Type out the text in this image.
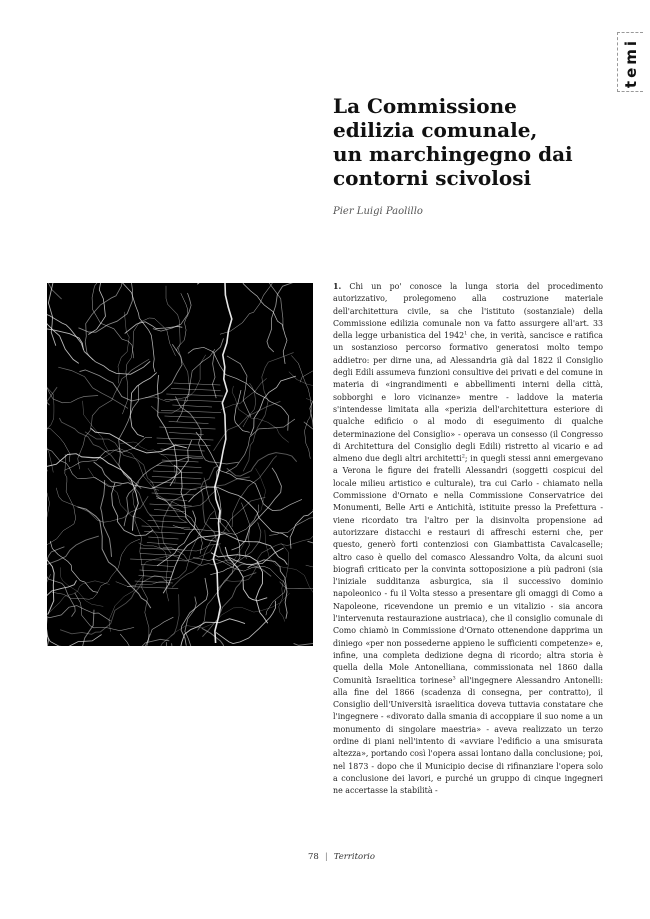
temi
La Commissione
edilizia comunale,
un marchingegno dai
contorni scivolosi
Pier Luigi Paolillo

1. Chi un po' conosce la lunga storia del procedimento autorizzativo, prolegomeno alla costruzione materiale dell'architettura civile, sa che l'istituto (sostanziale) della Commissione edilizia comunale non va fatto assurgere all'art. 33 della legge urbanistica del 1942$^1$ che, in verità, sancisce e ratifica un sostanzioso percorso formativo generatosi molto tempo addietro: per dirne una, ad Alessandria già dal 1822 il Consiglio degli Edili assumeva funzioni consultive dei privati e del comune in materia di «ingrandimenti e abbellimenti interni della città, sobborghi e loro vicinanze» mentre - laddove la materia s'intendesse limitata alla «perizia dell'architettura esteriore di qualche edificio o al modo di eseguimento di qualche determinazione del Consiglio» - operava un consesso (il Congresso di Architettura del Consiglio degli Edili) ristretto al vicario e ad almeno due degli altri architetti$^2$; in quegli stessi anni emergevano a Verona le figure dei fratelli Alessandri (soggetti cospicui del locale milieu artistico e culturale), tra cui Carlo - chiamato nella Commissione d'Ornato e nella Commissione Conservatrice dei Monumenti, Belle Arti e Antichità, istituite presso la Prefettura - viene ricordato tra l'altro per la disinvolta propensione ad autorizzare distacchi e restauri di affreschi esterni che, per questo, generò forti contenziosi con Giambattista Cavalcaselle; altro caso è quello del comasco Alessandro Volta, da alcuni suoi biografi criticato per la convinta sottoposizione a più padroni (sia l'iniziale sudditanza asburgica, sia il successivo dominio napoleonico - fu il Volta stesso a presentare gli omaggi di Como a Napoleone, ricevendone un premio e un vitalizio - sia ancora l'intervenuta restaurazione austriaca), che il consiglio comunale di Como chiamò in Commissione d'Ornato ottenendone dapprima un diniego «per non possederne appieno le sufficienti competenze» e, infine, una completa dedizione degna di ricordo; altra storia è quella della Mole Antonelliana, commissionata nel 1860 dalla Comunità Israelitica torinese$^3$ all'ingegnere Alessandro Antonelli: alla fine del 1866 (scadenza di consegna, per contratto), il Consiglio dell'Università israelitica doveva tuttavia constatare che l'ingegnere - «divorato dalla smania di accoppiare il suo nome a un monumento di singolare maestria» - aveva realizzato un terzo ordine di piani nell'intento di «avviare l'edificio a una smisurata altezza», portando così l'opera assai lontano dalla conclusione; poi, nel 1873 - dopo che il Municipio decise di rifinanziare l'opera solo a conclusione dei lavori, e purché un gruppo di cinque ingegneri ne accertasse la stabilità -

78 | Territorio
